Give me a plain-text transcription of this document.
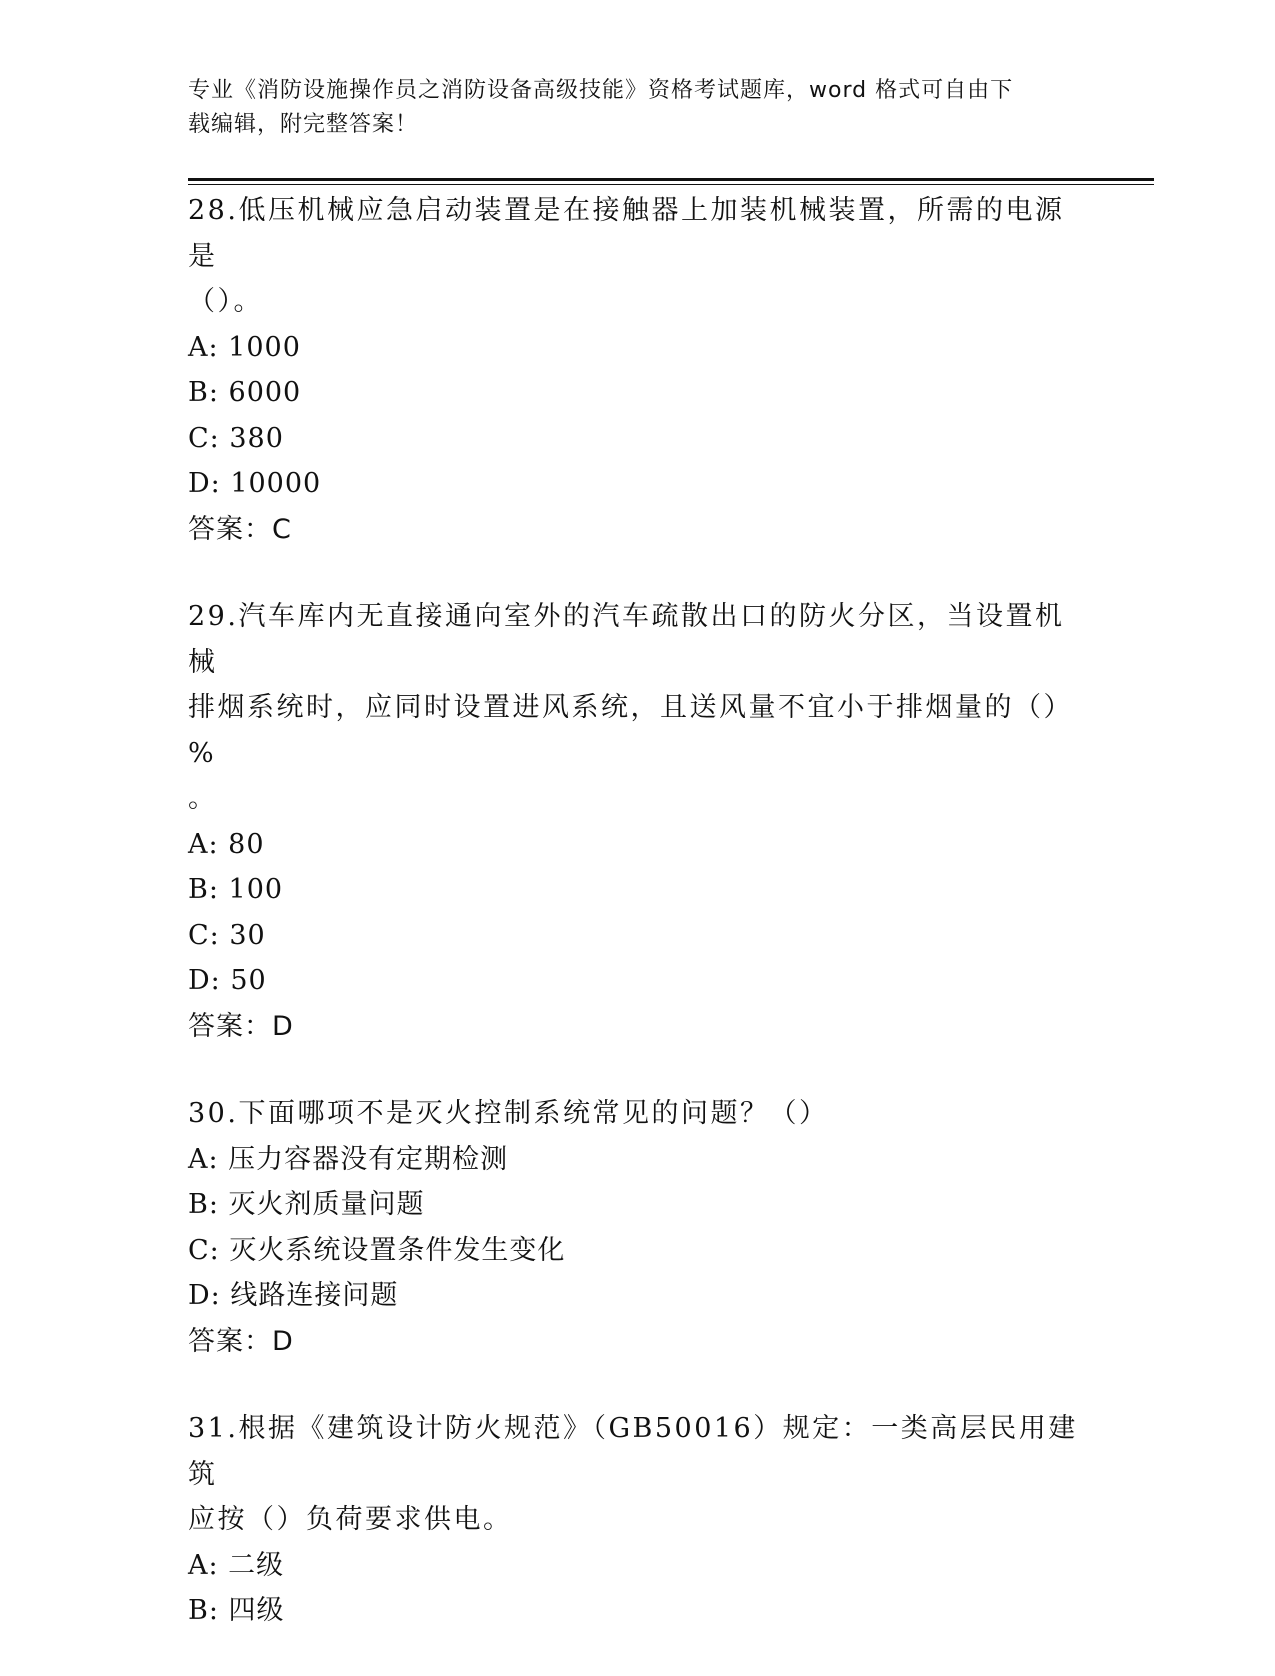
专业《消防设施操作员之消防设备高级技能》资格考试题库，word 格式可自由下
载编辑，附完整答案！
28.低压机械应急启动装置是在接触器上加装机械装置，所需的电源是
（）。
A: 1000
B: 6000
C: 380
D: 10000
答案：C
29.汽车库内无直接通向室外的汽车疏散出口的防火分区，当设置机械
排烟系统时，应同时设置进风系统，且送风量不宜小于排烟量的（）%
。
A: 80
B: 100
C: 30
D: 50
答案：D
30.下面哪项不是灭火控制系统常见的问题？（）
A: 压力容器没有定期检测
B: 灭火剂质量问题
C: 灭火系统设置条件发生变化
D: 线路连接问题
答案：D
31.根据《建筑设计防火规范》（GB50016）规定：一类高层民用建筑
应按（）负荷要求供电。
A: 二级
B: 四级
